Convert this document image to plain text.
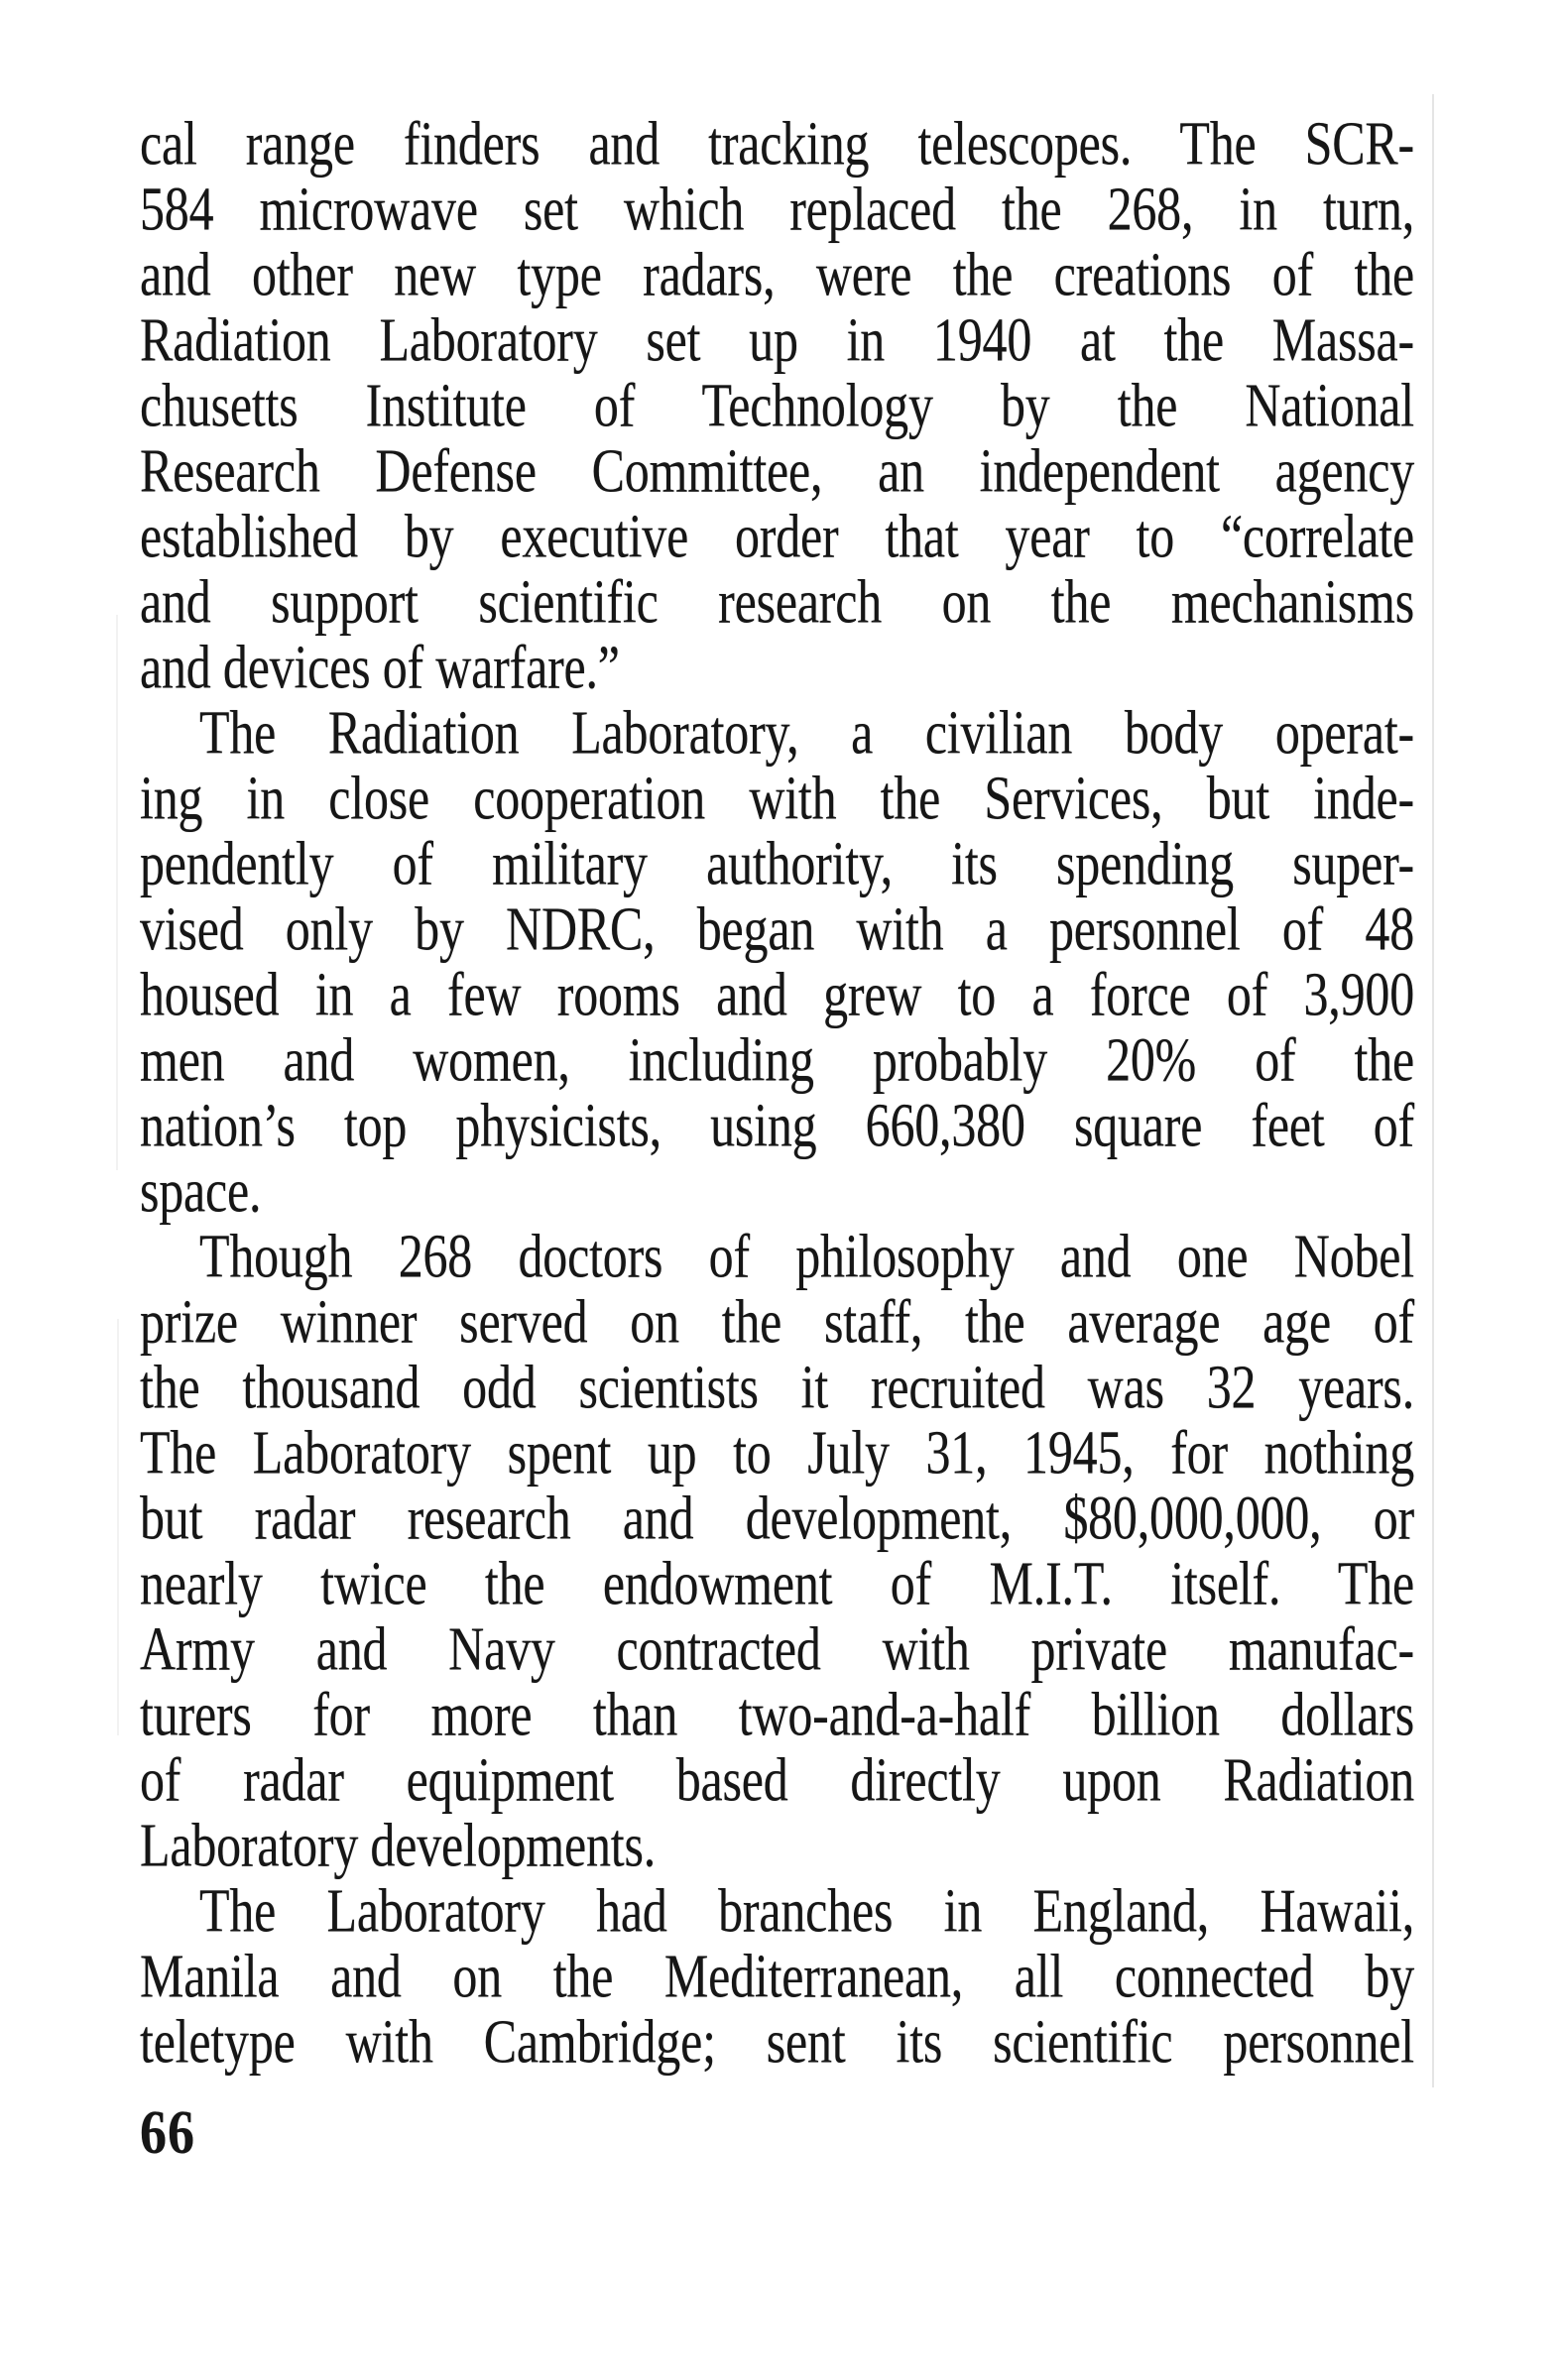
cal range finders and tracking telescopes. The SCR-
584 microwave set which replaced the 268, in turn,
and other new type radars, were the creations of the
Radiation Laboratory set up in 1940 at the Massa-
chusetts Institute of Technology by the National
Research Defense Committee, an independent agency
established by executive order that year to “correlate
and support scientific research on the mechanisms
and devices of warfare.”
The Radiation Laboratory, a civilian body operat-
ing in close cooperation with the Services, but inde-
pendently of military authority, its spending super-
vised only by NDRC, began with a personnel of 48
housed in a few rooms and grew to a force of 3,900
men and women, including probably 20% of the
nation’s top physicists, using 660,380 square feet of
space.
Though 268 doctors of philosophy and one Nobel
prize winner served on the staff, the average age of
the thousand odd scientists it recruited was 32 years.
The Laboratory spent up to July 31, 1945, for nothing
but radar research and development, $80,000,000, or
nearly twice the endowment of M.I.T. itself. The
Army and Navy contracted with private manufac-
turers for more than two-and-a-half billion dollars
of radar equipment based directly upon Radiation
Laboratory developments.
The Laboratory had branches in England, Hawaii,
Manila and on the Mediterranean, all connected by
teletype with Cambridge; sent its scientific personnel
66
